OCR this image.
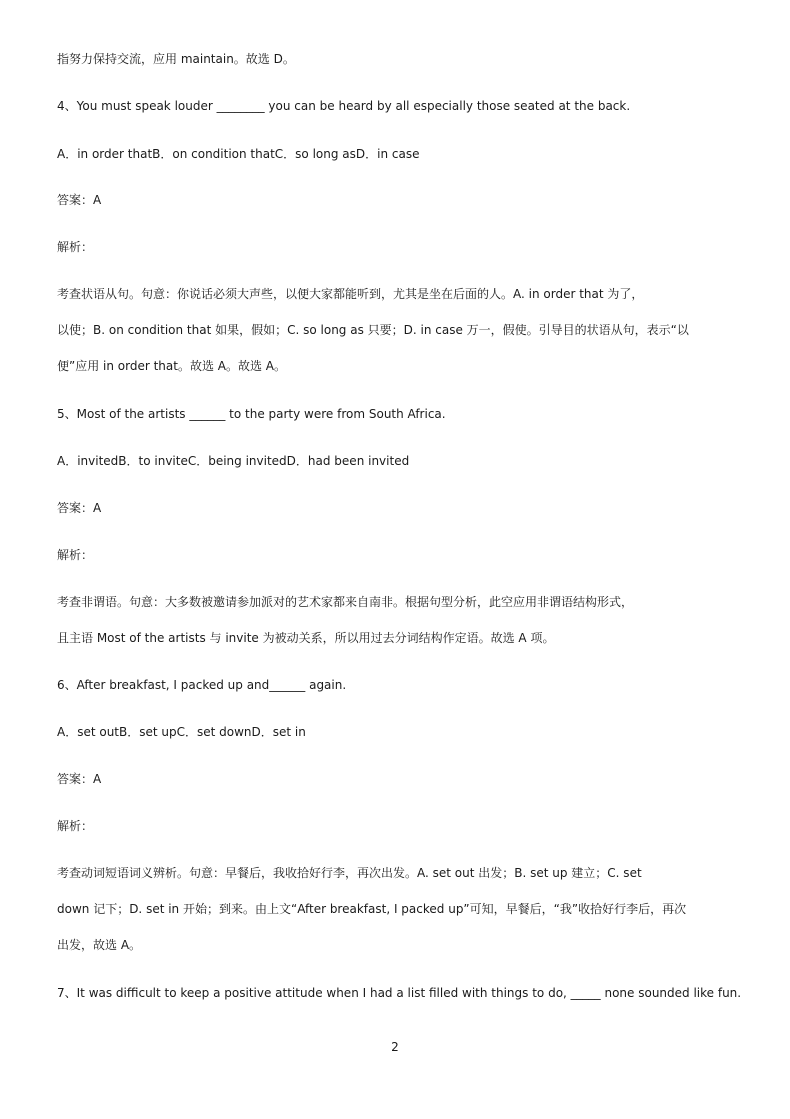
指努力保持交流，应用 maintain。故选 D。
4、You must speak louder ________ you can be heard by all especially those seated at the back.
A．in order thatB．on condition thatC．so long asD．in case
答案：A
解析：
考查状语从句。句意：你说话必须大声些，以便大家都能听到，尤其是坐在后面的人。A. in order that 为了，
以使；B. on condition that 如果，假如；C. so long as 只要；D. in case 万一，假使。引导目的状语从句，表示“以
便”应用 in order that。故选 A。故选 A。
5、Most of the artists ______ to the party were from South Africa.
A．invitedB．to inviteC．being invitedD．had been invited
答案：A
解析：
考查非谓语。句意：大多数被邀请参加派对的艺术家都来自南非。根据句型分析，此空应用非谓语结构形式，
且主语 Most of the artists 与 invite 为被动关系，所以用过去分词结构作定语。故选 A 项。
6、After breakfast, I packed up and______ again.
A．set outB．set upC．set downD．set in
答案：A
解析：
考查动词短语词义辨析。句意：早餐后，我收拾好行李，再次出发。A. set out 出发；B. set up 建立；C. set
down 记下；D. set in 开始；到来。由上文“After breakfast, I packed up”可知，早餐后，“我”收拾好行李后，再次
出发，故选 A。
7、It was difficult to keep a positive attitude when I had a list filled with things to do, _____ none sounded like fun.
2
